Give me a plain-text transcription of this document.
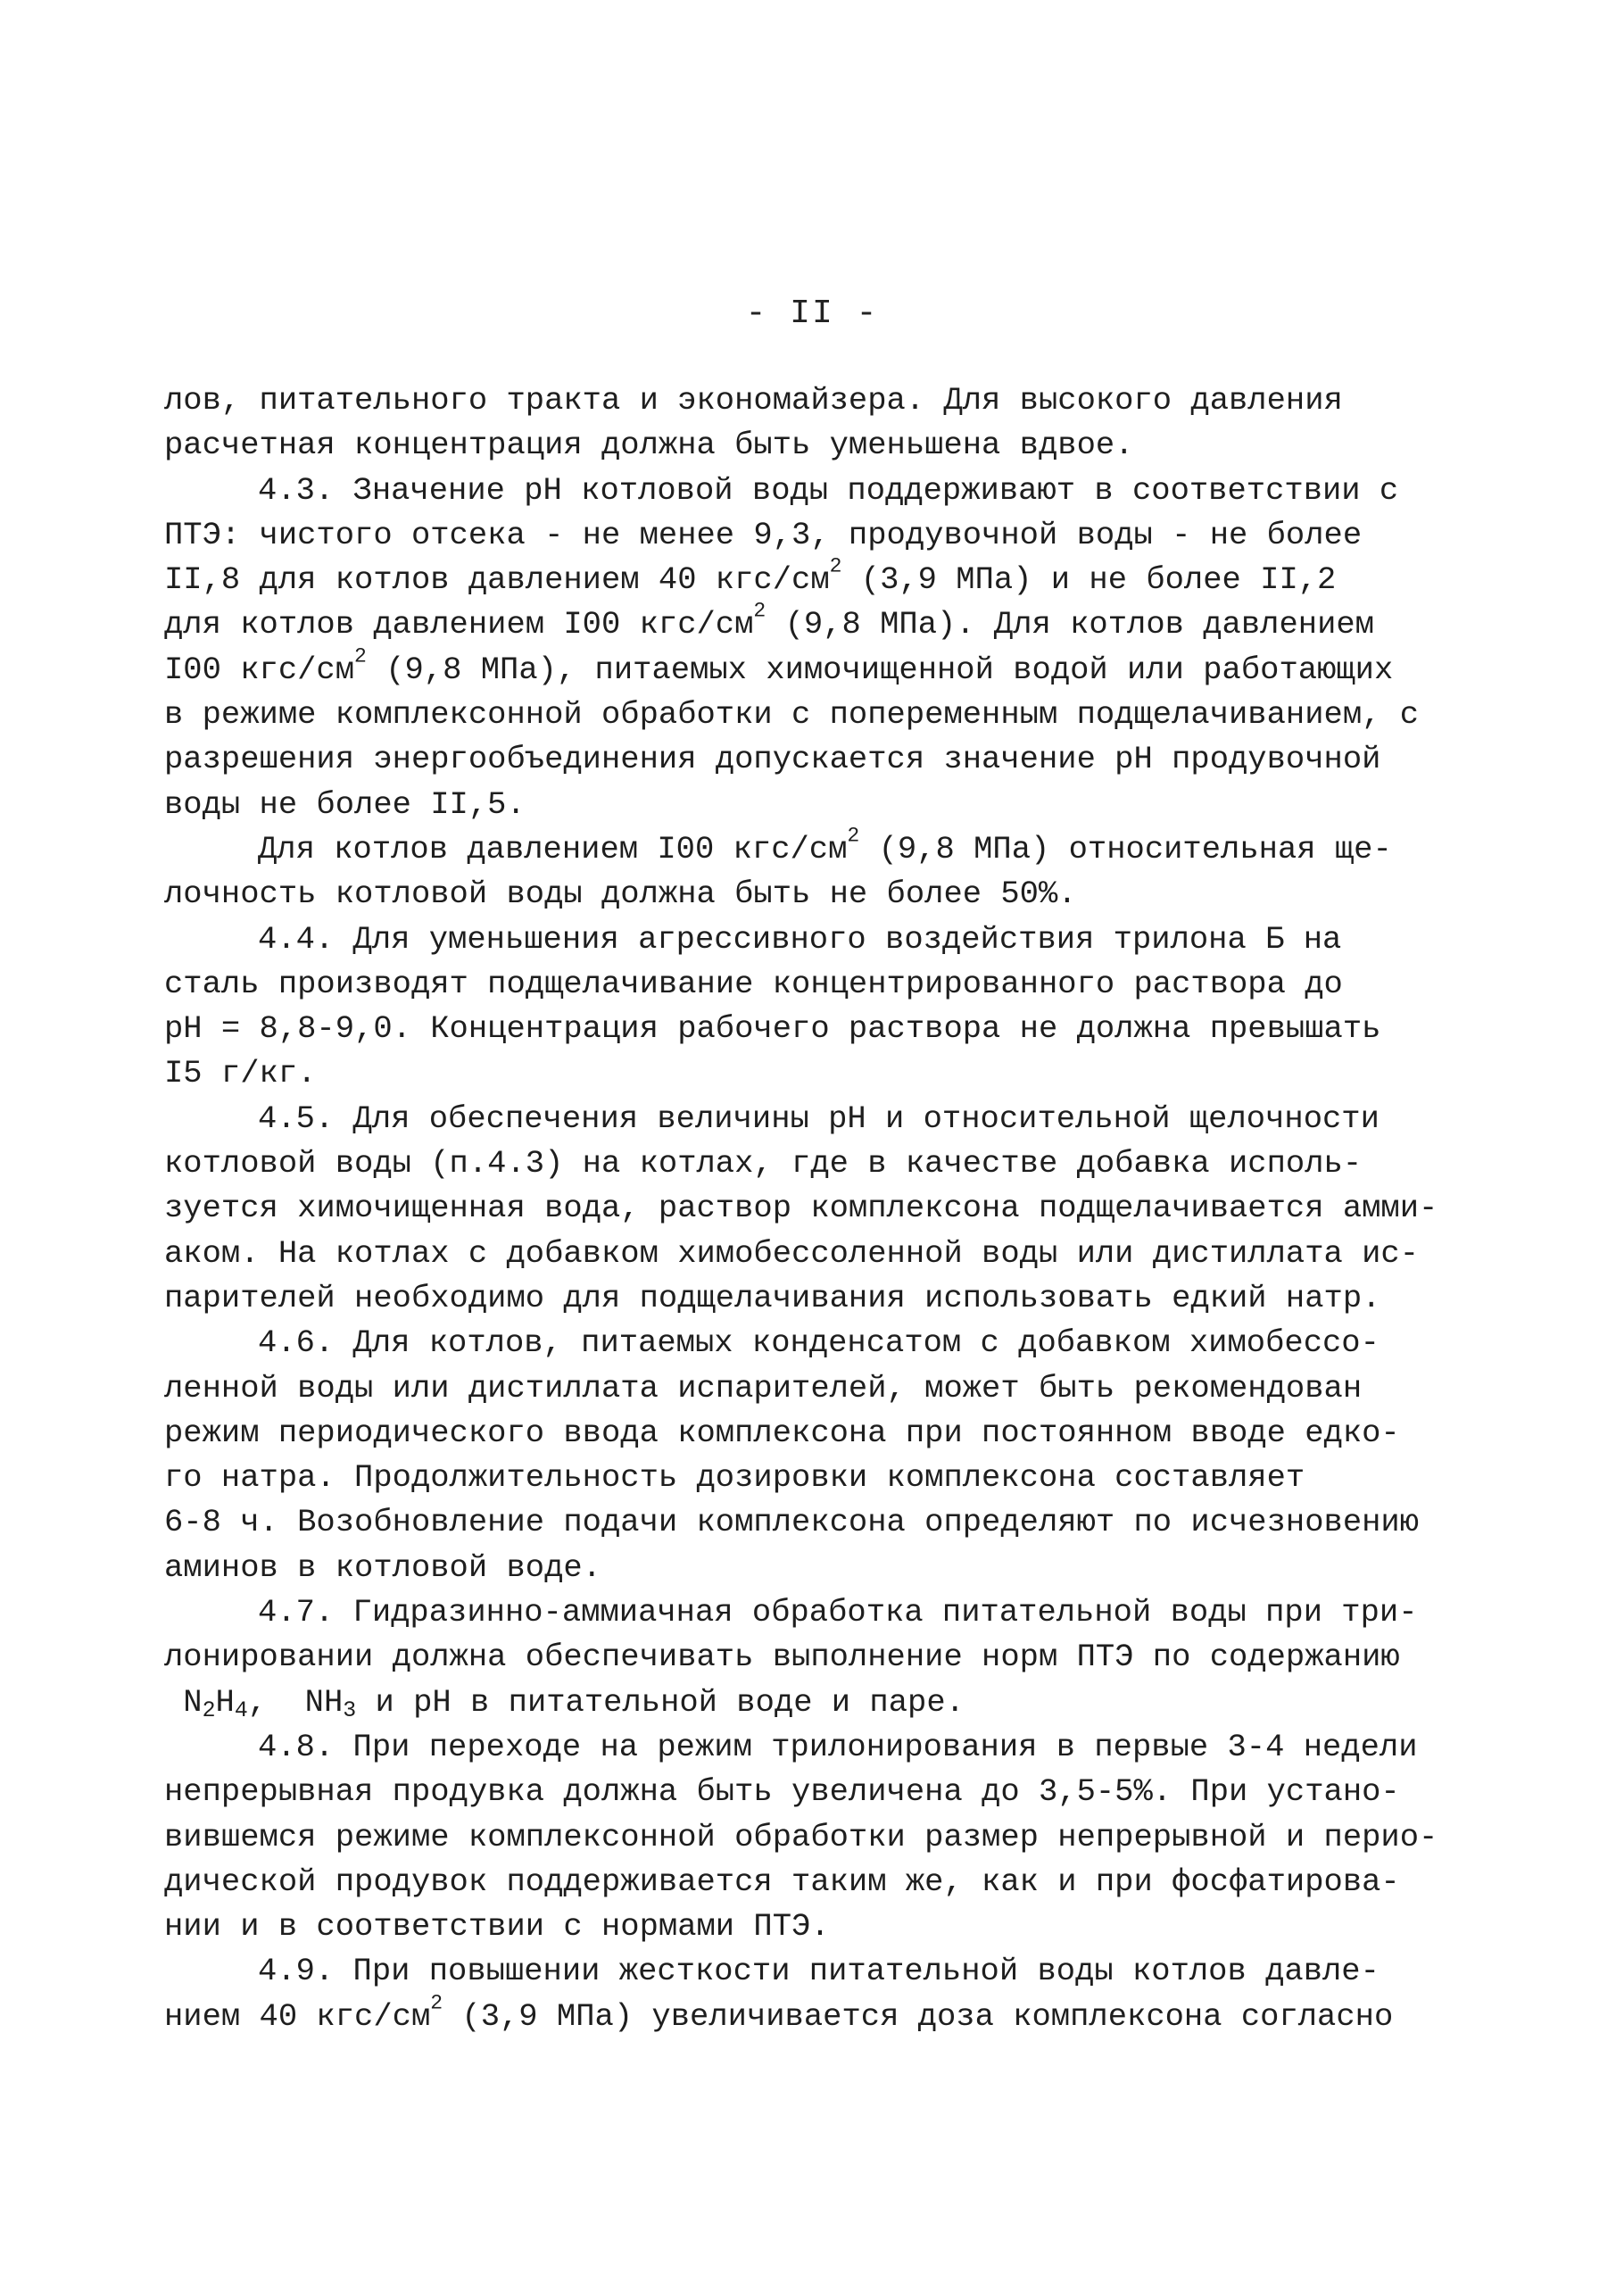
- II -
лов, питательного тракта и экономайзера. Для высокого давления
расчетная концентрация должна быть уменьшена вдвое.
4.3. Значение рН котловой воды поддерживают в соответствии с
ПТЭ: чистого отсека - не менее 9,3, продувочной воды - не более
II,8 для котлов давлением 40 кгс/$см^2$ (3,9 МПа) и не более II,2
для котлов давлением I00 кгс/$см^2$ (9,8 МПа). Для котлов давлением
I00 кгс/$см^2$ (9,8 МПа), питаемых химочищенной водой или работающих
в режиме комплексонной обработки с попеременным подщелачиванием, с
разрешения энергообъединения допускается значение рН продувочной
воды не более II,5.
Для котлов давлением I00 кгс/$см^2$ (9,8 МПа) относительная ще-
лочность котловой воды должна быть не более 50%.
4.4. Для уменьшения агрессивного воздействия трилона Б на
сталь производят подщелачивание концентрированного раствора до
рН = 8,8-9,0. Концентрация рабочего раствора не должна превышать
I5 г/кг.
4.5. Для обеспечения величины рН и относительной щелочности
котловой воды (п.4.3) на котлах, где в качестве добавка исполь-
зуется химочищенная вода, раствор комплексона подщелачивается амми-
аком. На котлах с добавком химобессоленной воды или дистиллата ис-
парителей необходимо для подщелачивания использовать едкий натр.
4.6. Для котлов, питаемых конденсатом с добавком химобессо-
ленной воды или дистиллата испарителей, может быть рекомендован
режим периодического ввода комплексона при постоянном вводе едко-
го натра. Продолжительность дозировки комплексона составляет
6-8 ч. Возобновление подачи комплексона определяют по исчезновению
аминов в котловой воде.
4.7. Гидразинно-аммиачная обработка питательной воды при три-
лонировании должна обеспечивать выполнение норм ПТЭ по содержанию
$N_2H_4$,  $NH_3$ и рН в питательной воде и паре.
4.8. При переходе на режим трилонирования в первые 3-4 недели
непрерывная продувка должна быть увеличена до 3,5-5%. При устано-
вившемся режиме комплексонной обработки размер непрерывной и перио-
дической продувок поддерживается таким же, как и при фосфатирова-
нии и в соответствии с нормами ПТЭ.
4.9. При повышении жесткости питательной воды котлов давле-
нием 40 кгс/$см^2$ (3,9 МПа) увеличивается доза комплексона согласно
